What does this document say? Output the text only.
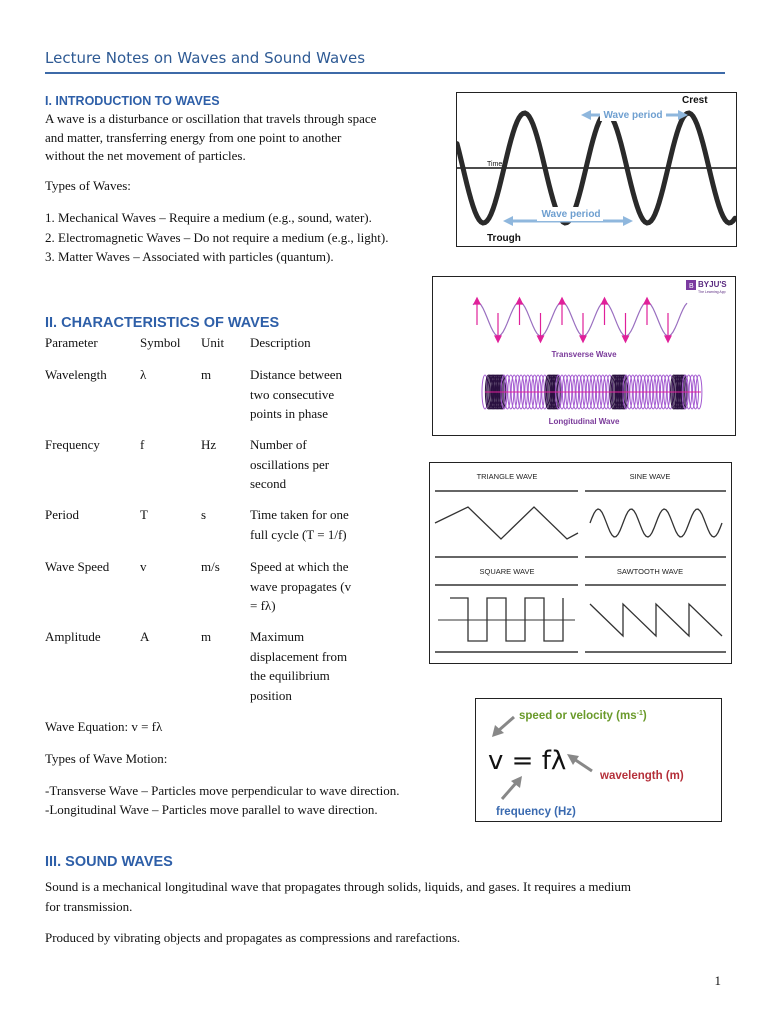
Lecture Notes on Waves and Sound Waves
I. INTRODUCTION TO WAVES
A wave is a disturbance or oscillation that travels through space
and matter, transferring energy from one point to another
without the net movement of particles.
Types of Waves:
1. Mechanical Waves – Require a medium (e.g., sound, water).
2. Electromagnetic Waves – Do not require a medium (e.g., light).
3. Matter Waves – Associated with particles (quantum).
Wave period
Wave period
Crest
Trough
Time
B BYJU'S
The Learning App
Transverse Wave
Longitudinal Wave
TRIANGLE WAVE	SINE WAVE
SQUARE WAVE	SAWTOOTH WAVE
II. CHARACTERISTICS OF WAVES
Parameter	Symbol Unit Description
Wavelength	λ	m	Distance between
two consecutive
points in phase
Frequency	f	Hz	Number of
oscillations per
second
Period	T	s	Time taken for one
full cycle (T = 1/f)
Wave Speed v	m/s Speed at which the
wave propagates (v
= fλ)
Amplitude	A	m	Maximum
displacement from
the equilibrium
position
Wave Equation: v = fλ
Types of Wave Motion:
-Transverse Wave – Particles move perpendicular to wave direction.
-Longitudinal Wave – Particles move parallel to wave direction.
v = fλ
speed or velocity $(ms^{-1})$
wavelength (m)
frequency (Hz)
III. SOUND WAVES
Sound is a mechanical longitudinal wave that propagates through solids, liquids, and gases. It requires a medium
for transmission.
Produced by vibrating objects and propagates as compressions and rarefactions.
1
